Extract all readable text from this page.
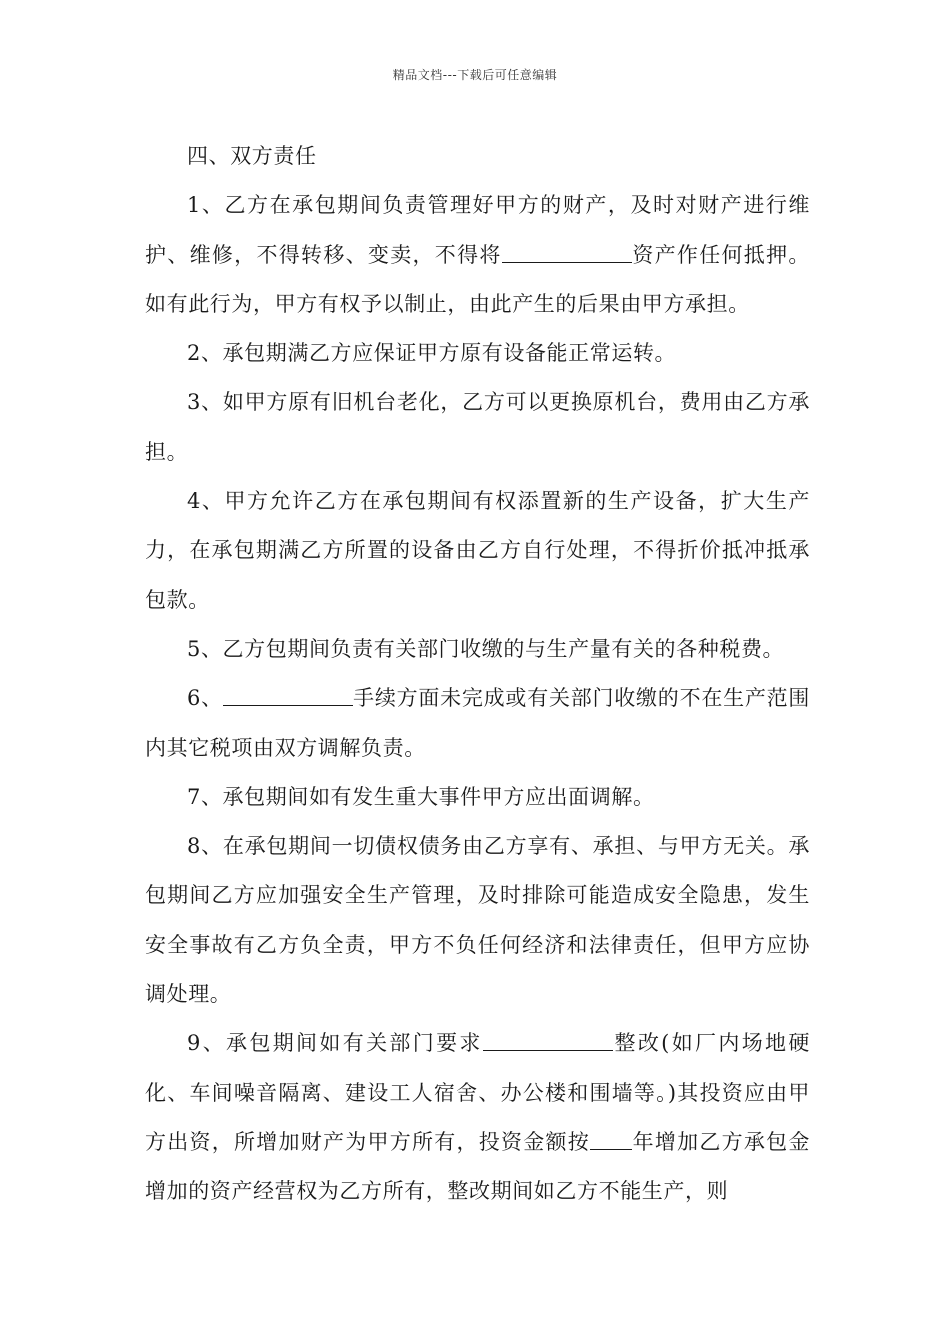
精品文档---下载后可任意编辑

四、双方责任

1、乙方在承包期间负责管理好甲方的财产，及时对财产进行维护、维修，不得转移、变卖，不得将	资产作任何抵押。如有此行为，甲方有权予以制止，由此产生的后果由甲方承担。

2、承包期满乙方应保证甲方原有设备能正常运转。

3、如甲方原有旧机台老化，乙方可以更换原机台，费用由乙方承担。

4、甲方允许乙方在承包期间有权添置新的生产设备，扩大生产力，在承包期满乙方所置的设备由乙方自行处理，不得折价抵冲抵承包款。

5、乙方包期间负责有关部门收缴的与生产量有关的各种税费。

6、	手续方面未完成或有关部门收缴的不在生产范围内其它税项由双方调解负责。

7、承包期间如有发生重大事件甲方应出面调解。

8、在承包期间一切债权债务由乙方享有、承担、与甲方无关。承包期间乙方应加强安全生产管理，及时排除可能造成安全隐患，发生安全事故有乙方负全责，甲方不负任何经济和法律责任，但甲方应协调处理。

9、承包期间如有关部门要求	整改(如厂内场地硬化、车间噪音隔离、建设工人宿舍、办公楼和围墙等。)其投资应由甲方出资，所增加财产为甲方所有，投资金额按 年增加乙方承包金增加的资产经营权为乙方所有，整改期间如乙方不能生产，则
